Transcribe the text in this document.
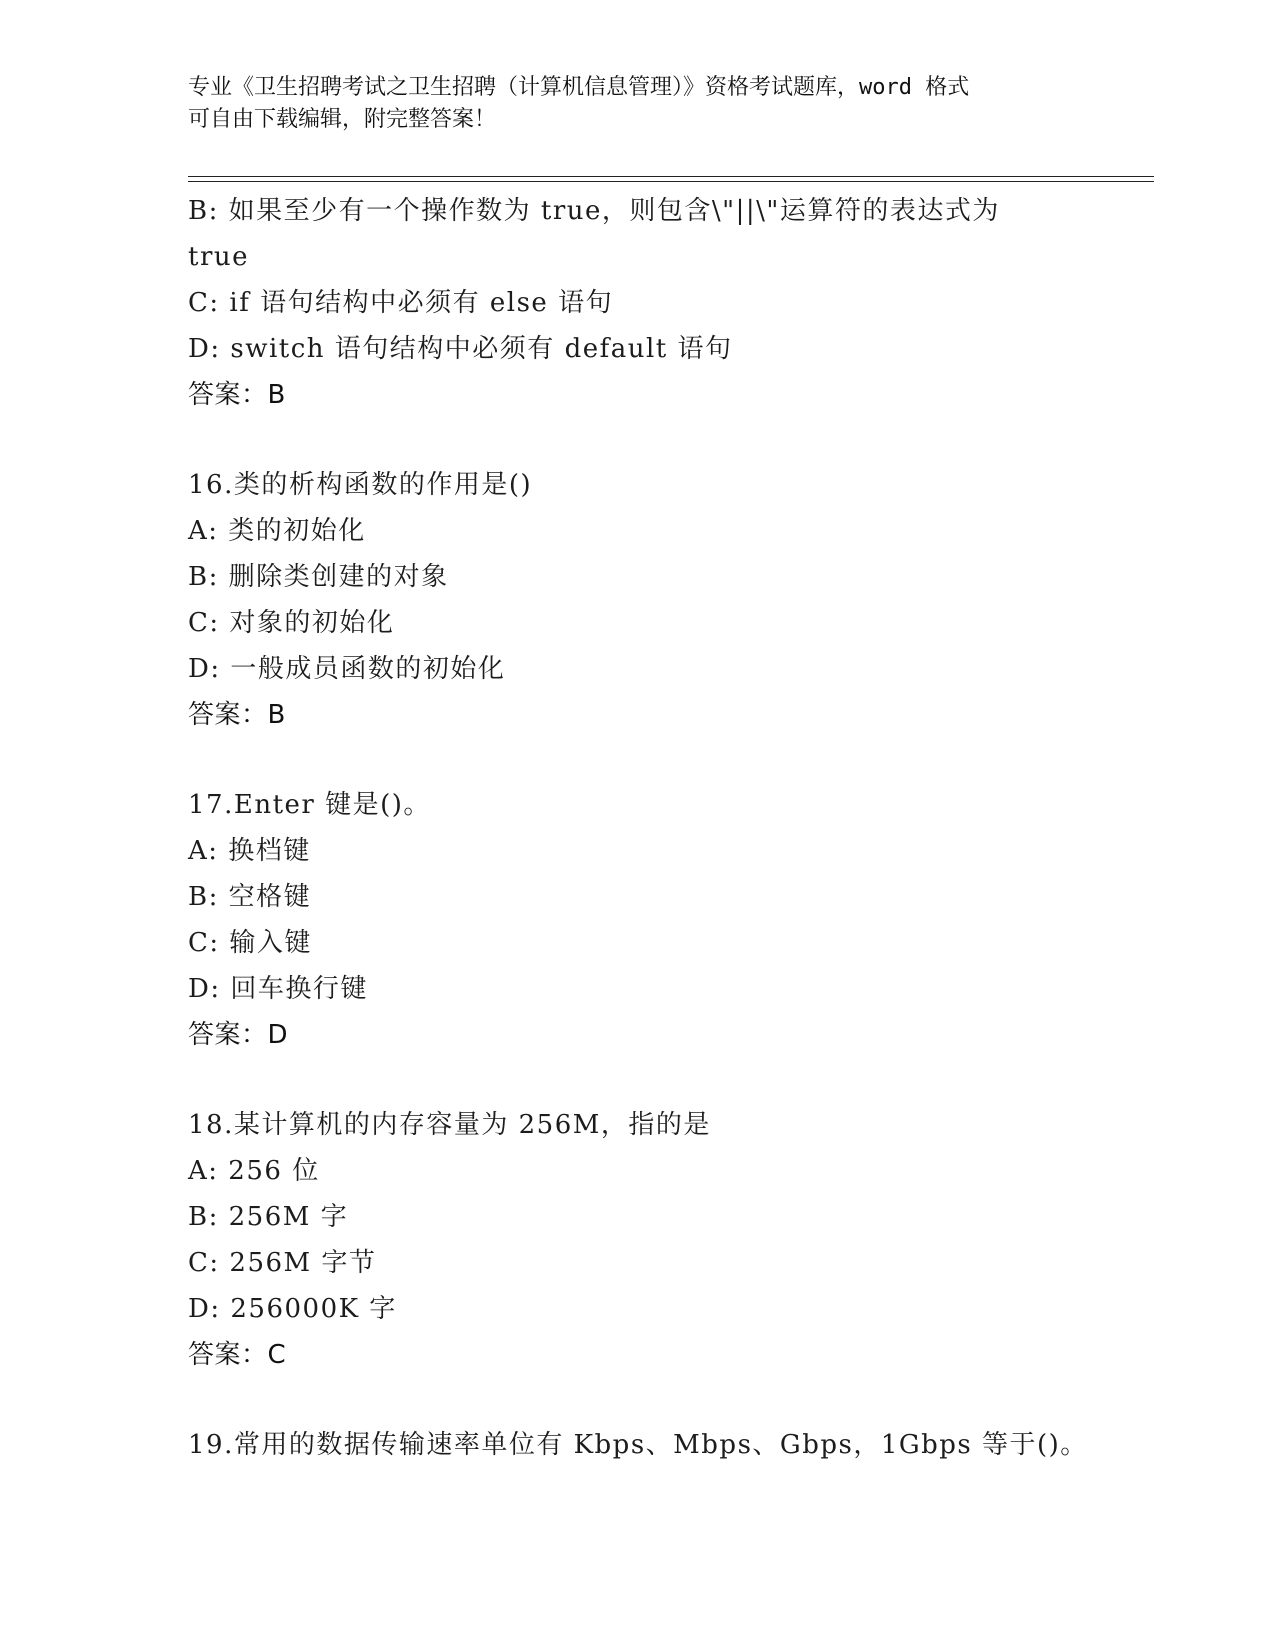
专业《卫生招聘考试之卫生招聘（计算机信息管理）》资格考试题库，word 格式
可自由下载编辑，附完整答案！
B: 如果至少有一个操作数为 true，则包含\"||\"运算符的表达式为
true
C: if 语句结构中必须有 else 语句
D: switch 语句结构中必须有 default 语句
答案：B
16.类的析构函数的作用是()
A: 类的初始化
B: 删除类创建的对象
C: 对象的初始化
D: 一般成员函数的初始化
答案：B
17.Enter 键是()。
A: 换档键
B: 空格键
C: 输入键
D: 回车换行键
答案：D
18.某计算机的内存容量为 256M，指的是
A: 256 位
B: 256M 字
C: 256M 字节
D: 256000K 字
答案：C
19.常用的数据传输速率单位有 Kbps、Mbps、Gbps，1Gbps 等于()。
